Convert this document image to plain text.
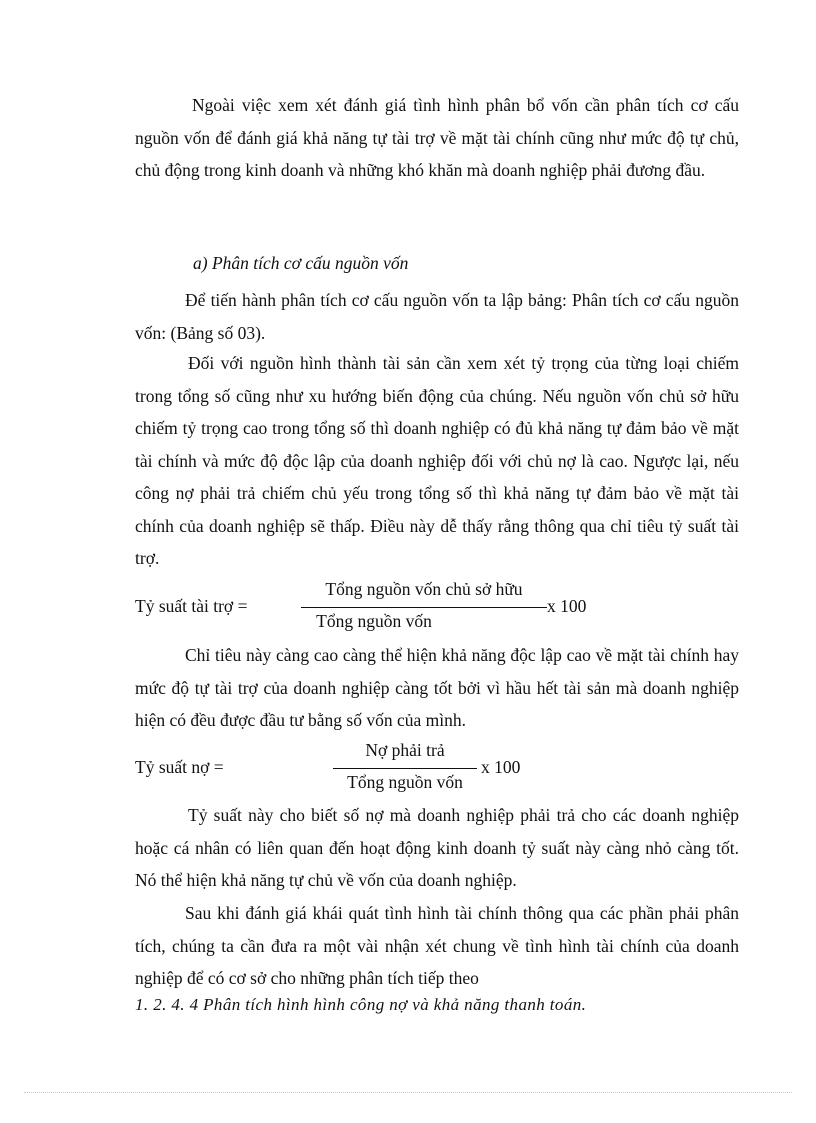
Ngoài việc xem xét đánh giá tình hình phân bổ vốn cần phân tích cơ cấu nguồn vốn để đánh giá khả năng tự tài trợ về mặt tài chính cũng như mức độ tự chủ, chủ động trong kinh doanh và những khó khăn mà doanh nghiệp phải đương đầu.

a) Phân tích cơ cấu nguồn vốn

Để tiến hành phân tích cơ cấu nguồn vốn ta lập bảng: Phân tích cơ cấu nguồn vốn: (Bảng số 03).

Đối với nguồn hình thành tài sản cần xem xét tỷ trọng của từng loại chiếm trong tổng số cũng như xu hướng biến động của chúng. Nếu nguồn vốn chủ sở hữu chiếm tỷ trọng cao trong tổng số thì doanh nghiệp có đủ khả năng tự đảm bảo về mặt tài chính và mức độ độc lập của doanh nghiệp đối với chủ nợ là cao. Ngược lại, nếu công nợ phải trả chiếm chủ yếu trong tổng số thì khả năng tự đảm bảo về mặt tài chính của doanh nghiệp sẽ thấp. Điều này dễ thấy rằng thông qua chỉ tiêu tỷ suất tài trợ.

Tỷ suất tài trợ =
Tổng nguồn vốn chủ sở hữu
Tổng nguồn vốn
x 100

Chỉ tiêu này càng cao càng thể hiện khả năng độc lập cao về mặt tài chính hay mức độ tự tài trợ của doanh nghiệp càng tốt bởi vì hầu hết tài sản mà doanh nghiệp hiện có đều được đầu tư bằng số vốn của mình.

Tỷ suất nợ =
Nợ phải trả
Tổng nguồn vốn
x 100

Tỷ suất này cho biết số nợ mà doanh nghiệp phải trả cho các doanh nghiệp hoặc cá nhân có liên quan đến hoạt động kinh doanh tỷ suất này càng nhỏ càng tốt. Nó thể hiện khả năng tự chủ về vốn của doanh nghiệp.

Sau khi đánh giá khái quát tình hình tài chính thông qua các phần phải phân tích, chúng ta cần đưa ra một vài nhận xét chung về tình hình tài chính của doanh nghiệp để có cơ sở cho những phân tích tiếp theo

1. 2. 4. 4 Phân tích hình hình công nợ và khả năng thanh toán.
